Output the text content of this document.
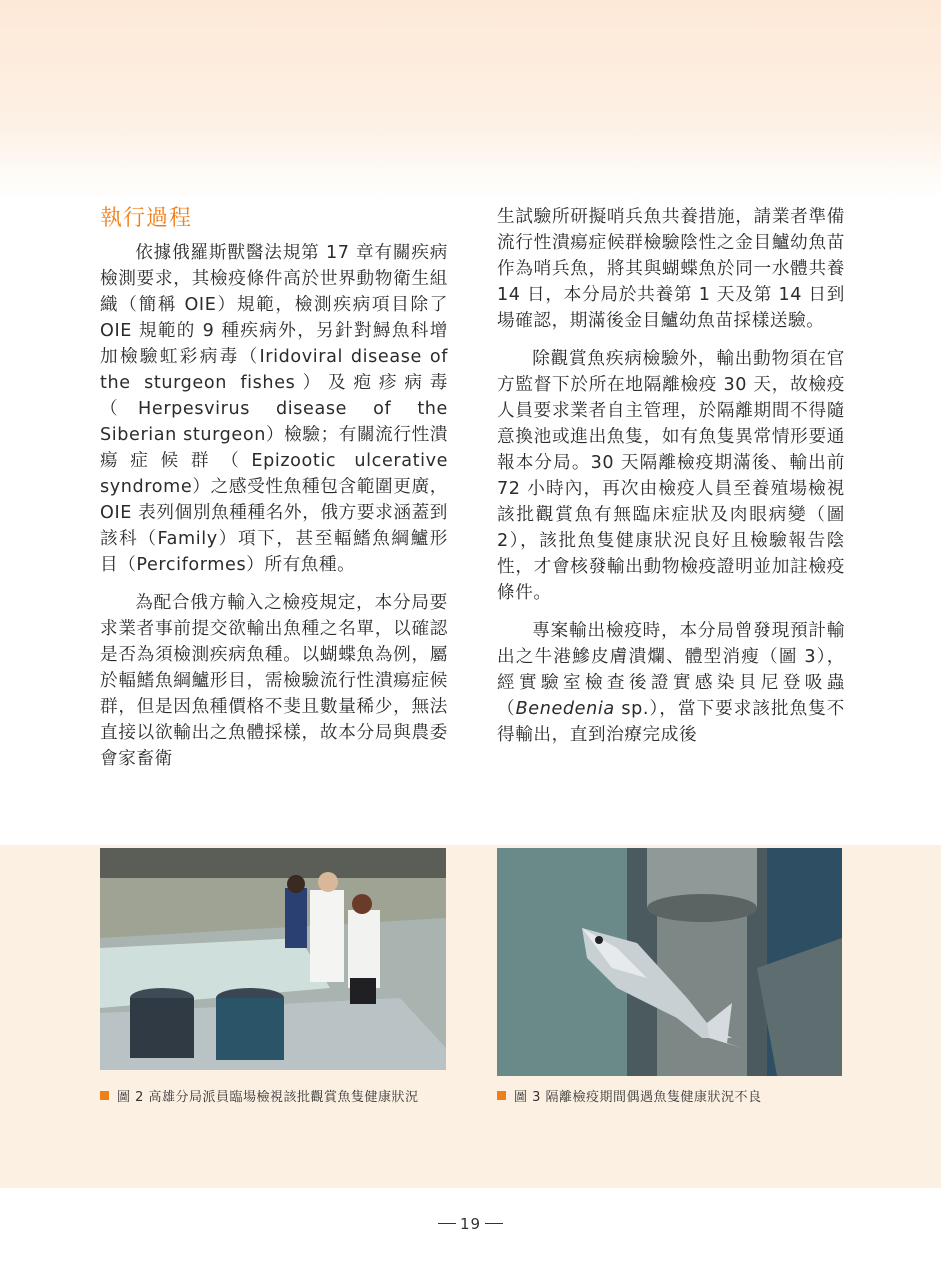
執行過程

依據俄羅斯獸醫法規第 17 章有關疾病檢測要求，其檢疫條件高於世界動物衛生組織（簡稱 OIE）規範，檢測疾病項目除了 OIE 規範的 9 種疾病外，另針對鱘魚科增加檢驗虹彩病毒（Iridoviral disease of the sturgeon fishes）及疱疹病毒（Herpesvirus disease of the Siberian sturgeon）檢驗；有關流行性潰瘍症候群（Epizootic ulcerative syndrome）之感受性魚種包含範圍更廣，OIE 表列個別魚種種名外，俄方要求涵蓋到該科（Family）項下，甚至輻鰭魚綱鱸形目（Perciformes）所有魚種。

為配合俄方輸入之檢疫規定，本分局要求業者事前提交欲輸出魚種之名單，以確認是否為須檢測疾病魚種。以蝴蝶魚為例，屬於輻鰭魚綱鱸形目，需檢驗流行性潰瘍症候群，但是因魚種價格不斐且數量稀少，無法直接以欲輸出之魚體採樣，故本分局與農委會家畜衛

生試驗所研擬哨兵魚共養措施，請業者準備流行性潰瘍症候群檢驗陰性之金目鱸幼魚苗作為哨兵魚，將其與蝴蝶魚於同一水體共養 14 日，本分局於共養第 1 天及第 14 日到場確認，期滿後金目鱸幼魚苗採樣送驗。

除觀賞魚疾病檢驗外，輸出動物須在官方監督下於所在地隔離檢疫 30 天，故檢疫人員要求業者自主管理，於隔離期間不得隨意換池或進出魚隻，如有魚隻異常情形要通報本分局。30 天隔離檢疫期滿後、輸出前 72 小時內，再次由檢疫人員至養殖場檢視該批觀賞魚有無臨床症狀及肉眼病變（圖 2），該批魚隻健康狀況良好且檢驗報告陰性，才會核發輸出動物檢疫證明並加註檢疫條件。

專案輸出檢疫時，本分局曾發現預計輸出之牛港鰺皮膚潰爛、體型消瘦（圖 3），經實驗室檢查後證實感染貝尼登吸蟲（Benedenia sp.），當下要求該批魚隻不得輸出，直到治療完成後

圖 2 高雄分局派員臨場檢視該批觀賞魚隻健康狀況	圖 3 隔離檢疫期間偶遇魚隻健康狀況不良
19
